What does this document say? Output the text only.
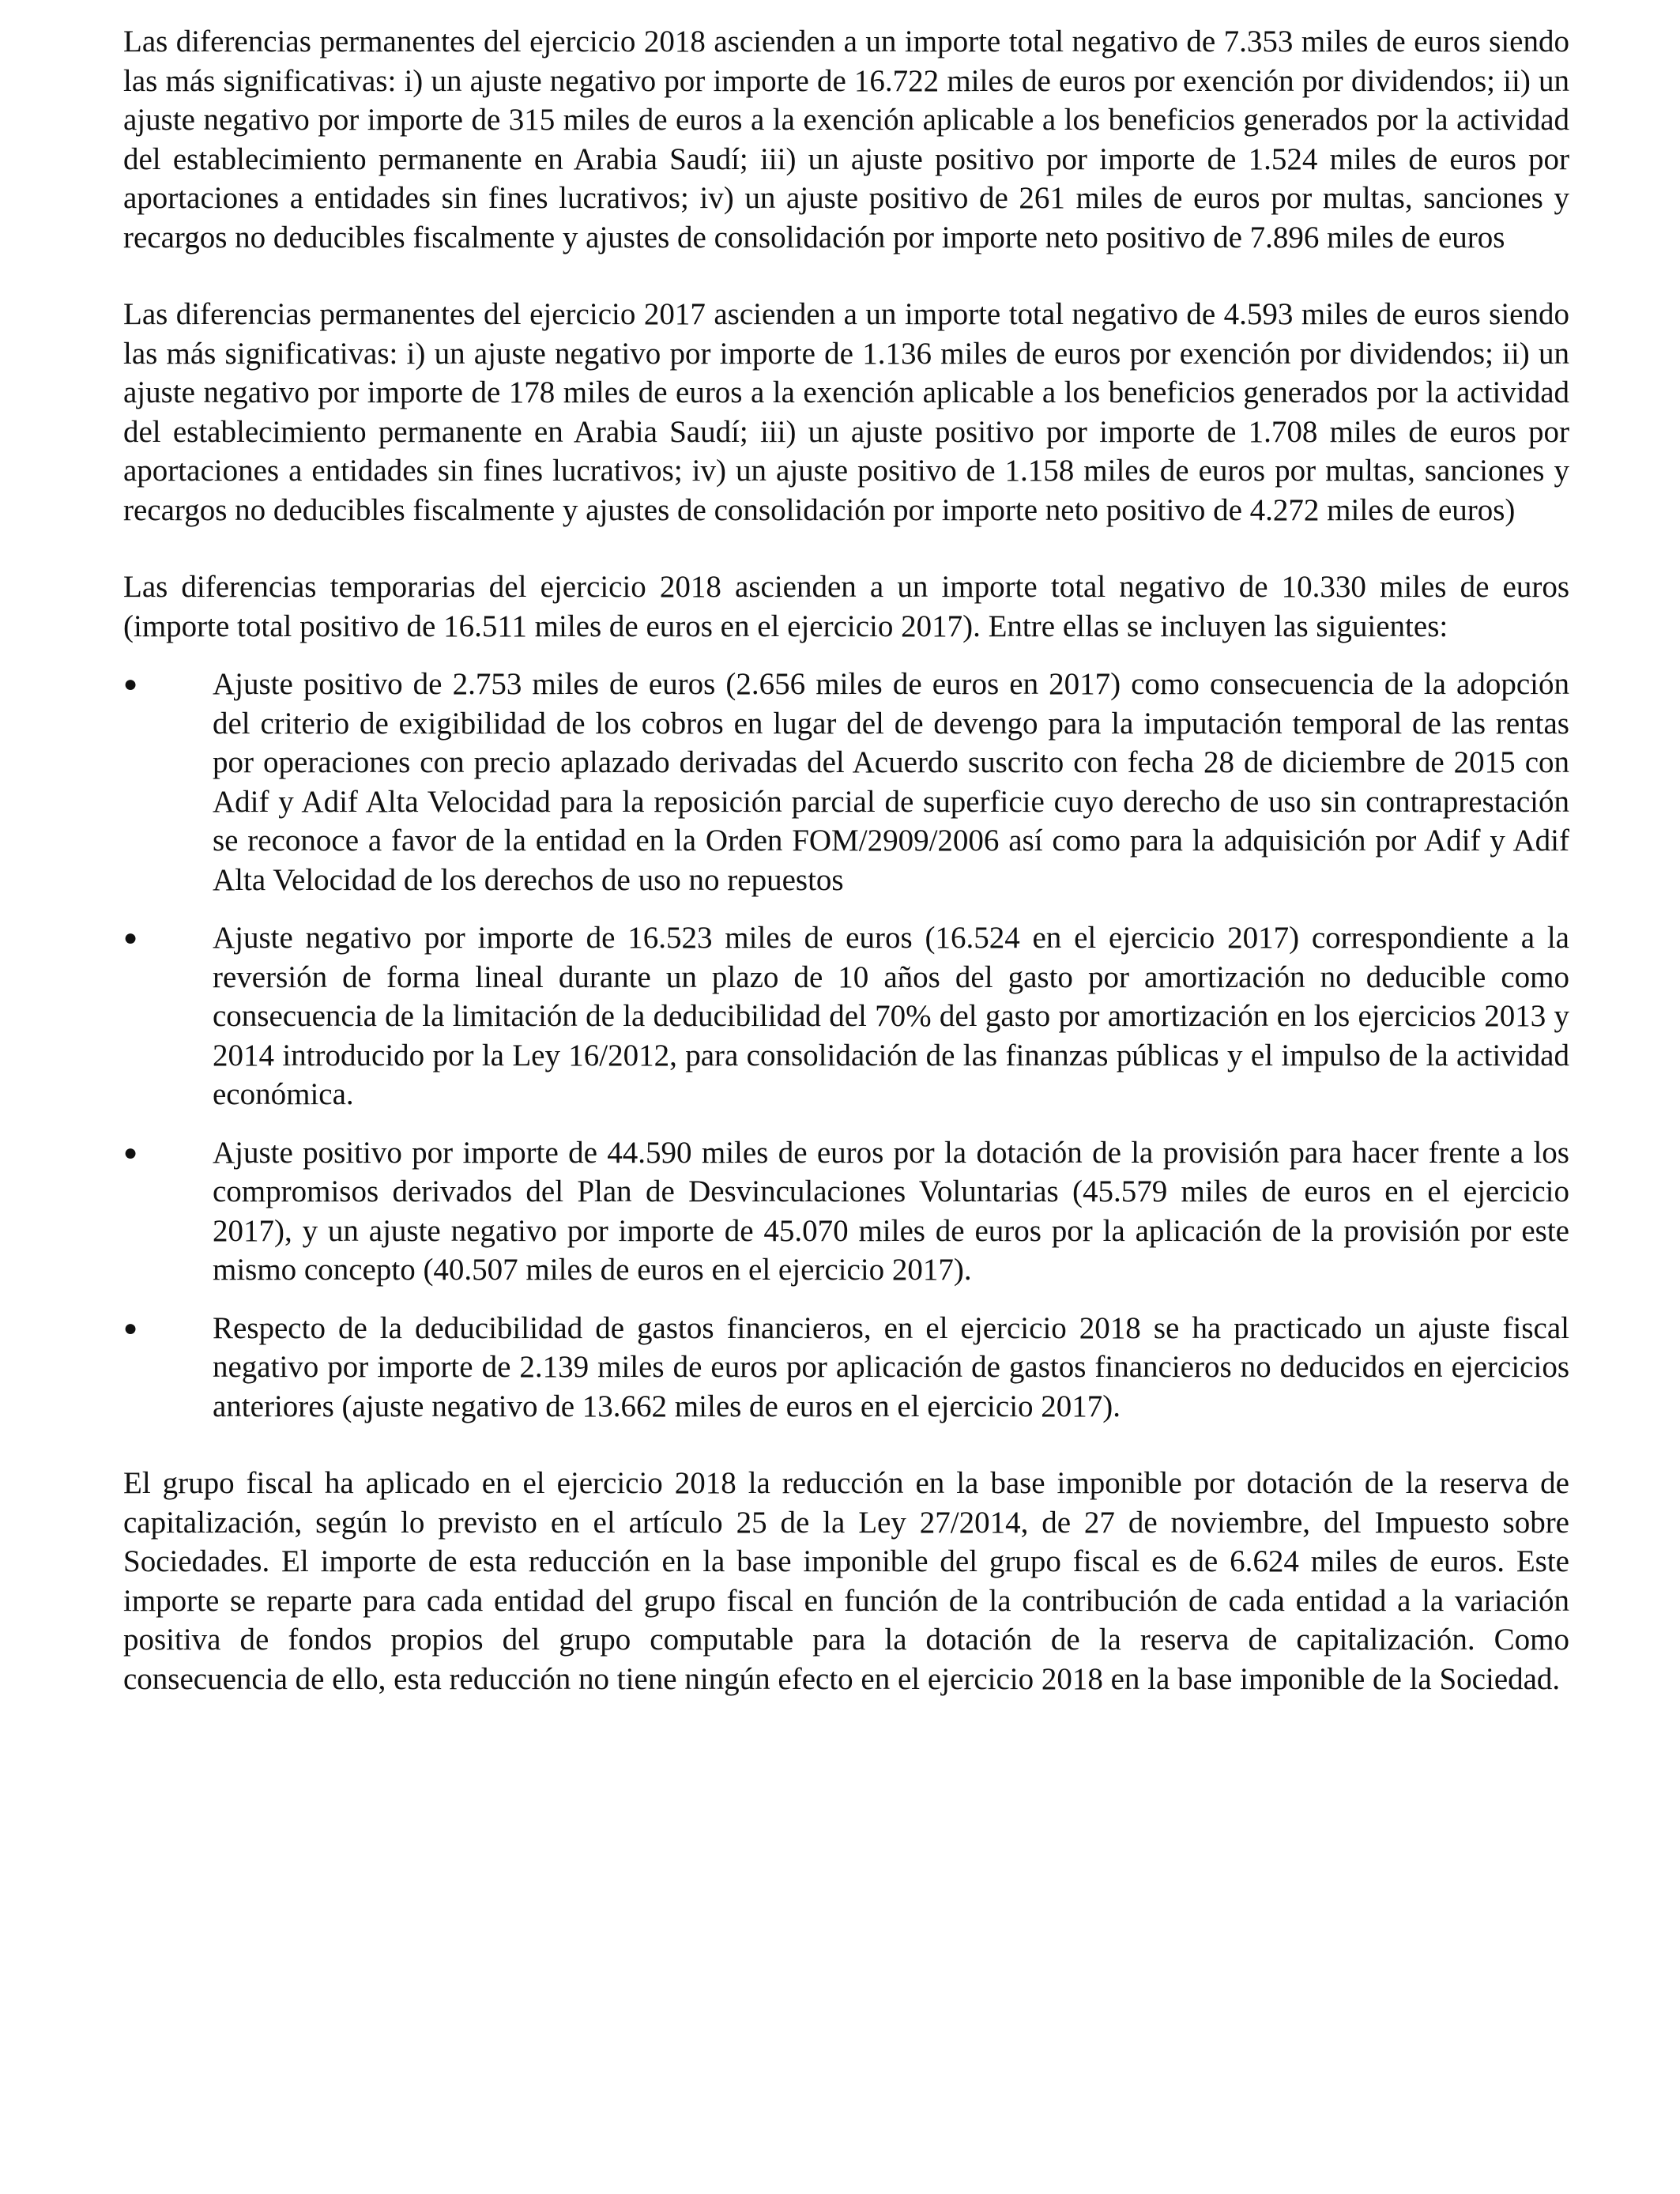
Las diferencias permanentes del ejercicio 2018 ascienden a un importe total negativo de 7.353 miles de euros siendo las más significativas: i) un ajuste negativo por importe de 16.722 miles de euros por exención por dividendos; ii) un ajuste negativo por importe de 315 miles de euros a la exención aplicable a los beneficios generados por la actividad del establecimiento permanente en Arabia Saudí; iii) un ajuste positivo por importe de 1.524 miles de euros por aportaciones a entidades sin fines lucrativos; iv) un ajuste positivo de 261 miles de euros por multas, sanciones y recargos no deducibles fiscalmente y ajustes de consolidación por importe neto positivo de 7.896 miles de euros

Las diferencias permanentes del ejercicio 2017 ascienden a un importe total negativo de 4.593 miles de euros siendo las más significativas: i) un ajuste negativo por importe de 1.136 miles de euros por exención por dividendos; ii) un ajuste negativo por importe de 178 miles de euros a la exención aplicable a los beneficios generados por la actividad del establecimiento permanente en Arabia Saudí; iii) un ajuste positivo por importe de 1.708 miles de euros por aportaciones a entidades sin fines lucrativos; iv) un ajuste positivo de 1.158 miles de euros por multas, sanciones y recargos no deducibles fiscalmente y ajustes de consolidación por importe neto positivo de 4.272 miles de euros)

Las diferencias temporarias del ejercicio 2018 ascienden a un importe total negativo de 10.330 miles de euros (importe total positivo de 16.511 miles de euros en el ejercicio 2017). Entre ellas se incluyen las siguientes:

●	Ajuste positivo de 2.753 miles de euros (2.656 miles de euros en 2017) como consecuencia de la adopción del criterio de exigibilidad de los cobros en lugar del de devengo para la imputación temporal de las rentas por operaciones con precio aplazado derivadas del Acuerdo suscrito con fecha 28 de diciembre de 2015 con Adif y Adif Alta Velocidad para la reposición parcial de superficie cuyo derecho de uso sin contraprestación se reconoce a favor de la entidad en la Orden FOM/2909/2006 así como para la adquisición por Adif y Adif Alta Velocidad de los derechos de uso no repuestos
●	Ajuste negativo por importe de 16.523 miles de euros (16.524 en el ejercicio 2017) correspondiente a la reversión de forma lineal durante un plazo de 10 años del gasto por amortización no deducible como consecuencia de la limitación de la deducibilidad del 70% del gasto por amortización en los ejercicios 2013 y 2014 introducido por la Ley 16/2012, para consolidación de las finanzas públicas y el impulso de la actividad económica.
●	Ajuste positivo por importe de 44.590 miles de euros por la dotación de la provisión para hacer frente a los compromisos derivados del Plan de Desvinculaciones Voluntarias (45.579 miles de euros en el ejercicio 2017), y un ajuste negativo por importe de 45.070 miles de euros por la aplicación de la provisión por este mismo concepto (40.507 miles de euros en el ejercicio 2017).
●	Respecto de la deducibilidad de gastos financieros, en el ejercicio 2018 se ha practicado un ajuste fiscal negativo por importe de 2.139 miles de euros por aplicación de gastos financieros no deducidos en ejercicios anteriores (ajuste negativo de 13.662 miles de euros en el ejercicio 2017).

El grupo fiscal ha aplicado en el ejercicio 2018 la reducción en la base imponible por dotación de la reserva de capitalización, según lo previsto en el artículo 25 de la Ley 27/2014, de 27 de noviembre, del Impuesto sobre Sociedades. El importe de esta reducción en la base imponible del grupo fiscal es de 6.624 miles de euros. Este importe se reparte para cada entidad del grupo fiscal en función de la contribución de cada entidad a la variación positiva de fondos propios del grupo computable para la dotación de la reserva de capitalización. Como consecuencia de ello, esta reducción no tiene ningún efecto en el ejercicio 2018 en la base imponible de la Sociedad.
